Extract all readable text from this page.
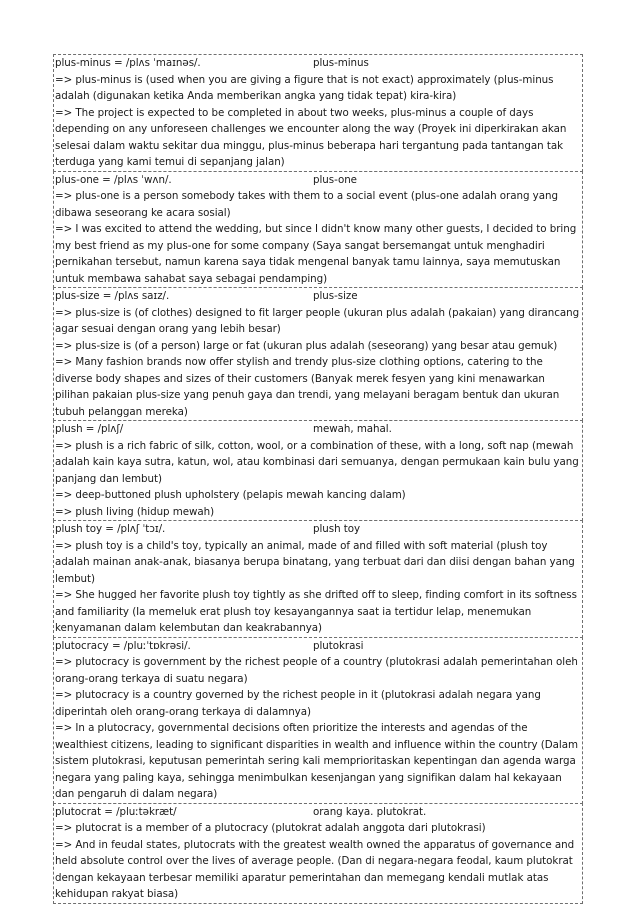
plus-minus = /plʌs ˈmaɪnəs/.	plus-minus

=> plus-minus is (used when you are giving a figure that is not exact) approximately (plus-minus adalah (digunakan ketika Anda memberikan angka yang tidak tepat) kira-kira)

=> The project is expected to be completed in about two weeks, plus-minus a couple of days depending on any unforeseen challenges we encounter along the way (Proyek ini diperkirakan akan selesai dalam waktu sekitar dua minggu, plus-minus beberapa hari tergantung pada tantangan tak terduga yang kami temui di sepanjang jalan)

plus-one = /plʌs ˈwʌn/.	plus-one

=> plus-one is a person somebody takes with them to a social event (plus-one adalah orang yang dibawa seseorang ke acara sosial)

=> I was excited to attend the wedding, but since I didn't know many other guests, I decided to bring my best friend as my plus-one for some company (Saya sangat bersemangat untuk menghadiri pernikahan tersebut, namun karena saya tidak mengenal banyak tamu lainnya, saya memutuskan untuk membawa sahabat saya sebagai pendamping)

plus-size = /plʌs saɪz/.	plus-size

=> plus-size is (of clothes) designed to fit larger people (ukuran plus adalah (pakaian) yang dirancang agar sesuai dengan orang yang lebih besar)

=> plus-size is (of a person) large or fat (ukuran plus adalah (seseorang) yang besar atau gemuk)

=> Many fashion brands now offer stylish and trendy plus-size clothing options, catering to the diverse body shapes and sizes of their customers (Banyak merek fesyen yang kini menawarkan pilihan pakaian plus-size yang penuh gaya dan trendi, yang melayani beragam bentuk dan ukuran tubuh pelanggan mereka)

plush = /plʌʃ/	mewah, mahal.

=> plush is a rich fabric of silk, cotton, wool, or a combination of these, with a long, soft nap (mewah adalah kain kaya sutra, katun, wol, atau kombinasi dari semuanya, dengan permukaan kain bulu yang panjang dan lembut)

=> deep-buttoned plush upholstery (pelapis mewah kancing dalam)

=> plush living (hidup mewah)

plush toy = /plʌʃ ˈtɔɪ/.	plush toy

=> plush toy is a child's toy, typically an animal, made of and filled with soft material (plush toy adalah mainan anak-anak, biasanya berupa binatang, yang terbuat dari dan diisi dengan bahan yang lembut)

=> She hugged her favorite plush toy tightly as she drifted off to sleep, finding comfort in its softness and familiarity (Ia memeluk erat plush toy kesayangannya saat ia tertidur lelap, menemukan kenyamanan dalam kelembutan dan keakrabannya)

plutocracy = /pluːˈtɒkrəsi/.	plutokrasi

=> plutocracy is government by the richest people of a country (plutokrasi adalah pemerintahan oleh orang-orang terkaya di suatu negara)

=> plutocracy is a country governed by the richest people in it (plutokrasi adalah negara yang diperintah oleh orang-orang terkaya di dalamnya)

=> In a plutocracy, governmental decisions often prioritize the interests and agendas of the wealthiest citizens, leading to significant disparities in wealth and influence within the country (Dalam sistem plutokrasi, keputusan pemerintah sering kali memprioritaskan kepentingan dan agenda warga negara yang paling kaya, sehingga menimbulkan kesenjangan yang signifikan dalam hal kekayaan dan pengaruh di dalam negara)

plutocrat = /pluːtəkræt/	orang kaya. plutokrat.

=> plutocrat is a member of a plutocracy (plutokrat adalah anggota dari plutokrasi)

=> And in feudal states, plutocrats with the greatest wealth owned the apparatus of governance and held absolute control over the lives of average people. (Dan di negara-negara feodal, kaum plutokrat dengan kekayaan terbesar memiliki aparatur pemerintahan dan memegang kendali mutlak atas kehidupan rakyat biasa)
